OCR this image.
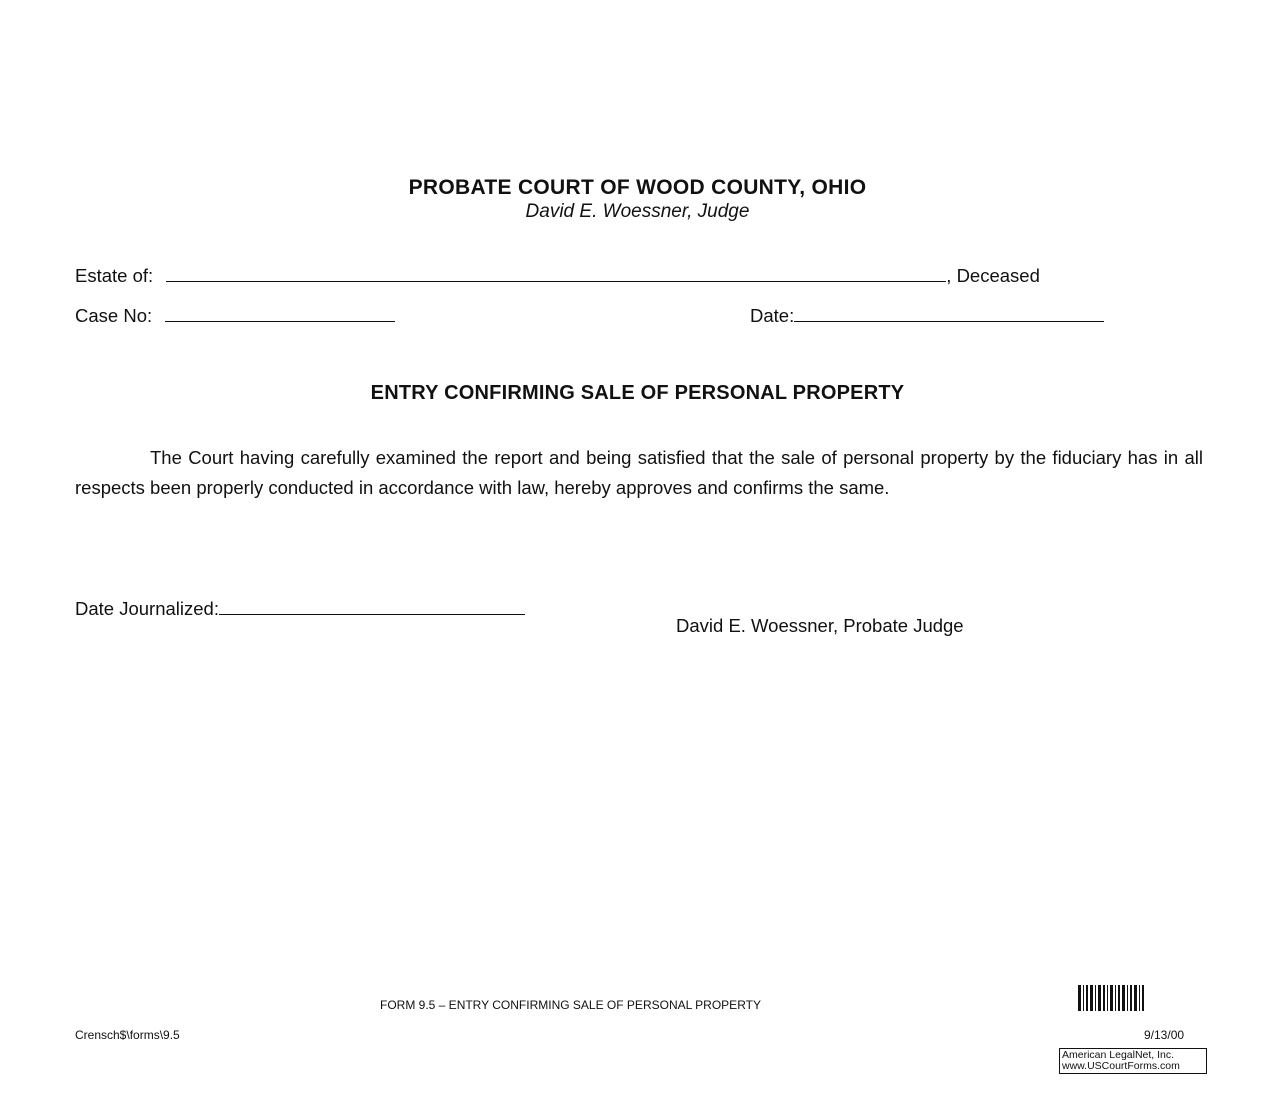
PROBATE COURT OF WOOD COUNTY, OHIO
David E. Woessner, Judge
Estate of:	, Deceased
Case No:	Date:
ENTRY CONFIRMING SALE OF PERSONAL PROPERTY
The Court having carefully examined the report and being satisfied that the sale of personal property by the fiduciary has in all respects been properly conducted in accordance with law, hereby approves and confirms the same.
Date Journalized:
David E. Woessner, Probate Judge
FORM 9.5 – ENTRY CONFIRMING SALE OF PERSONAL PROPERTY
Crensch$\forms\9.5	9/13/00
American LegalNet, Inc.
www.USCourtForms.com
